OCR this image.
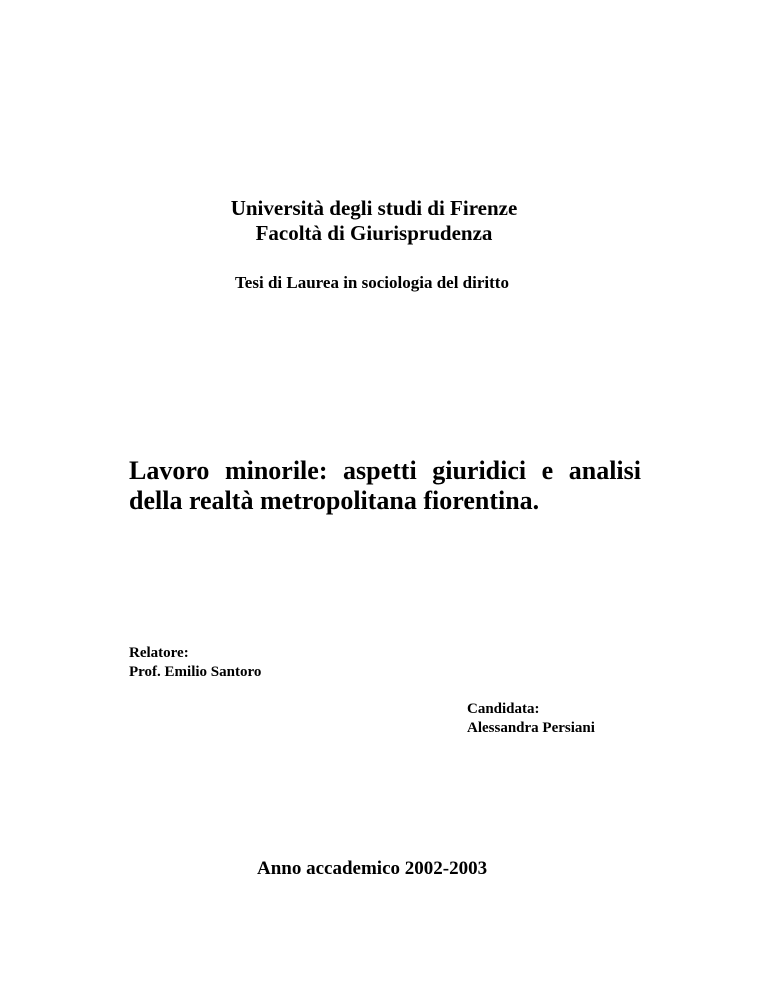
Università degli studi di Firenze

Facoltà di Giurisprudenza

Tesi di Laurea in sociologia del diritto

Lavoro minorile: aspetti giuridici e analisi
della realtà metropolitana fiorentina.

Relatore:

Prof. Emilio Santoro

Candidata:

Alessandra Persiani

Anno accademico 2002-2003
